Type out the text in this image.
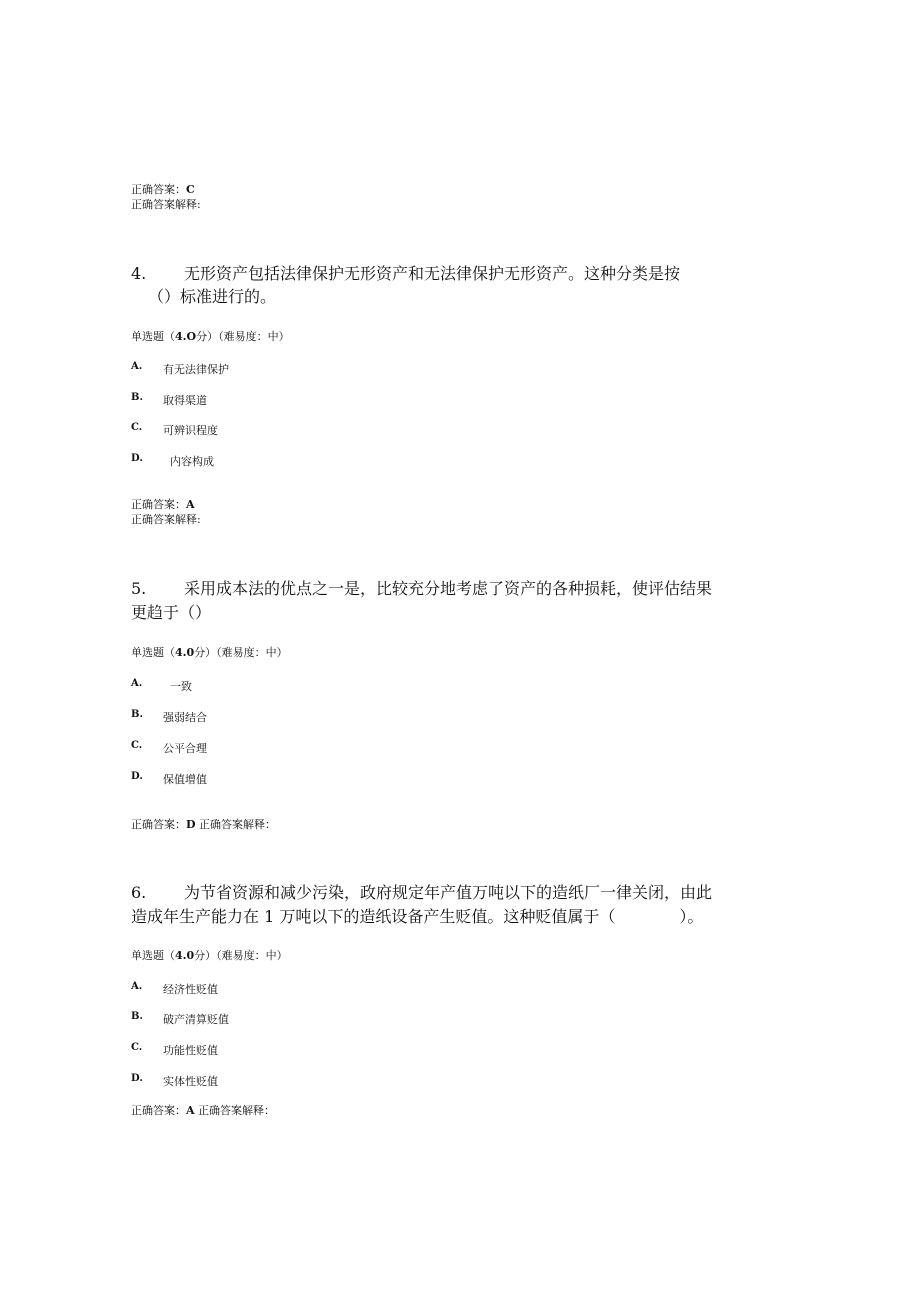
正确答案：C
正确答案解释:
4. 无形资产包括法律保护无形资产和无法律保护无形资产。这种分类是按
（）标准进行的。
单选题（4.O分）（难易度：中）
A. 有无法律保护
B. 取得渠道
C. 可辨识程度
D. 内容构成
正确答案：A
正确答案解释:
5. 采用成本法的优点之一是，比较充分地考虑了资产的各种损耗，使评估结果
更趋于（）
单选题（4.0分）（难易度：中）
A.	一致
B. 强弱结合
C. 公平合理
D. 保值增值
正确答案：D 正确答案解释：
6. 为节省资源和减少污染，政府规定年产值万吨以下的造纸厂一律关闭，由此
造成年生产能力在 1 万吨以下的造纸设备产生贬值。这种贬值属于（　　　　）。
单选题（4.0分）（难易度：中）
A. 经济性贬值
B. 破产清算贬值
C. 功能性贬值
D. 实体性贬值
正确答案：A 正确答案解释：
